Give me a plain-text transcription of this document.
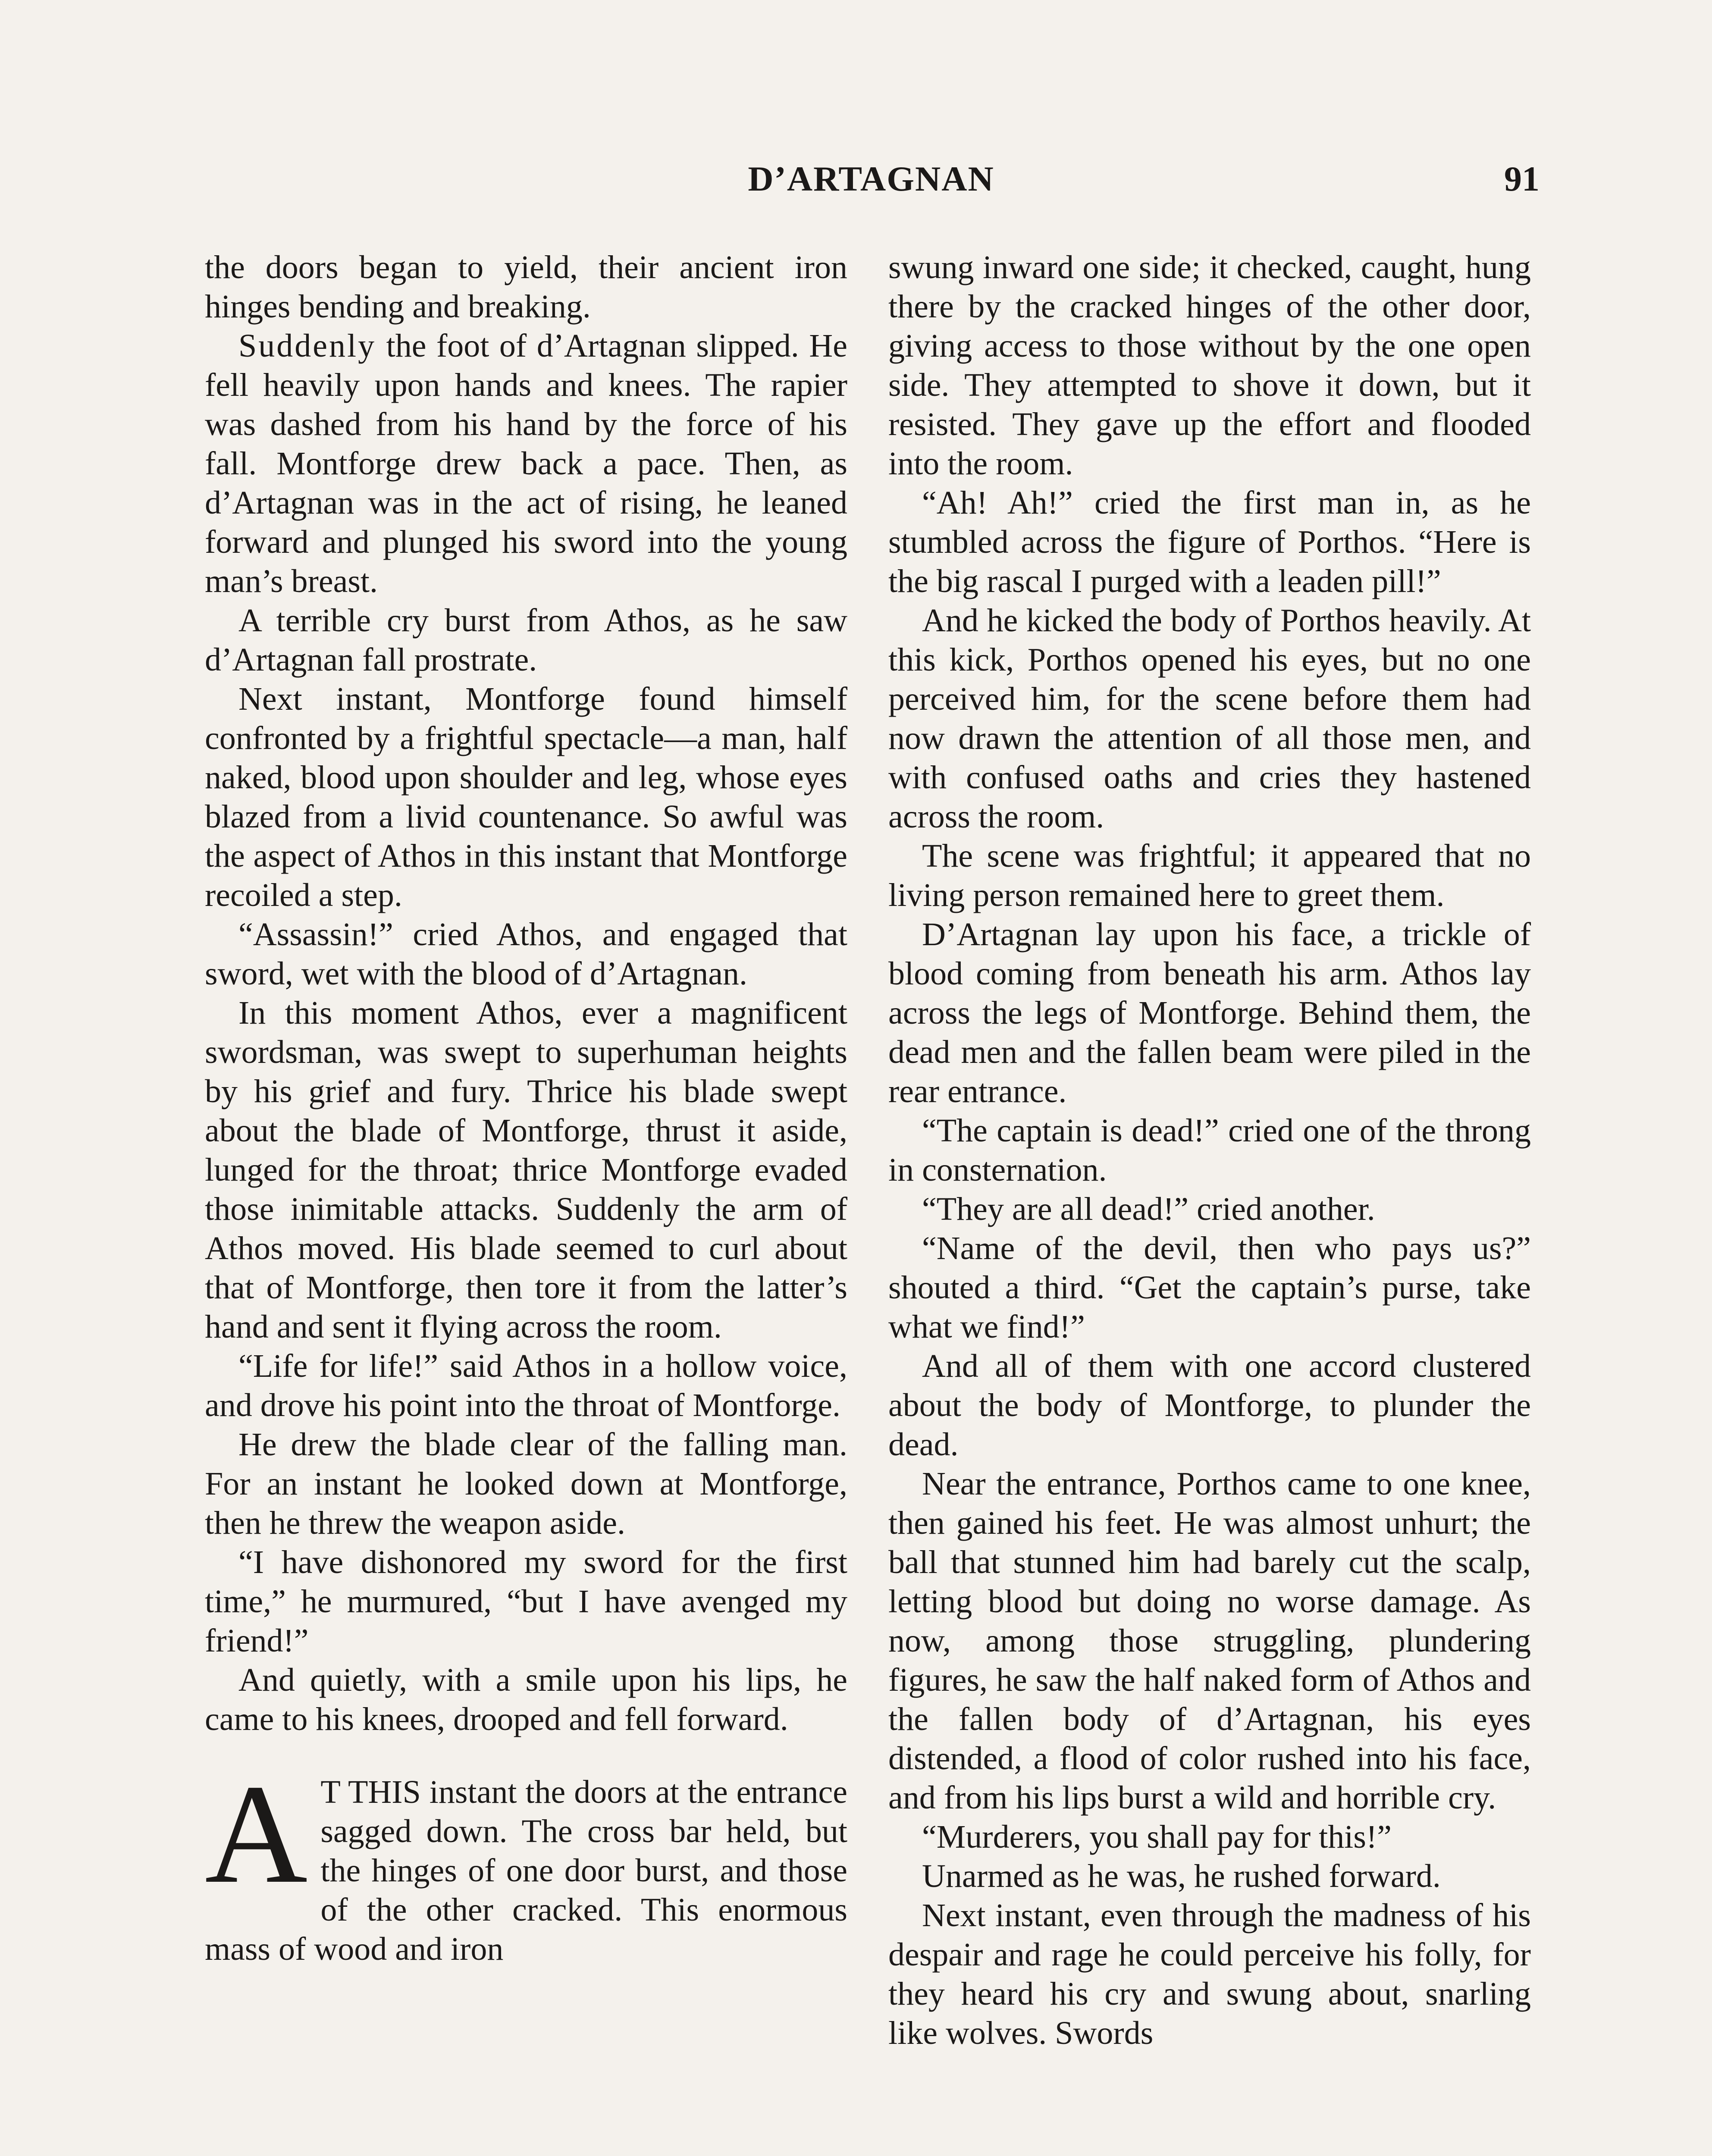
D’ARTAGNAN	91

the doors began to yield, their ancient iron hinges bending and breaking.

Suddenly the foot of d’Artagnan slipped. He fell heavily upon hands and knees. The rapier was dashed from his hand by the force of his fall. Montforge drew back a pace. Then, as d’Artagnan was in the act of rising, he leaned forward and plunged his sword into the young man’s breast.

A terrible cry burst from Athos, as he saw d’Artagnan fall prostrate.

Next instant, Montforge found himself confronted by a frightful spectacle—a man, half naked, blood upon shoulder and leg, whose eyes blazed from a livid countenance. So awful was the aspect of Athos in this instant that Montforge recoiled a step.

“Assassin!” cried Athos, and engaged that sword, wet with the blood of d’Artagnan.

In this moment Athos, ever a magnificent swordsman, was swept to superhuman heights by his grief and fury. Thrice his blade swept about the blade of Montforge, thrust it aside, lunged for the throat; thrice Montforge evaded those inimitable attacks. Suddenly the arm of Athos moved. His blade seemed to curl about that of Montforge, then tore it from the latter’s hand and sent it flying across the room.

“Life for life!” said Athos in a hollow voice, and drove his point into the throat of Montforge.

He drew the blade clear of the falling man. For an instant he looked down at Montforge, then he threw the weapon aside.

“I have dishonored my sword for the first time,” he murmured, “but I have avenged my friend!”

And quietly, with a smile upon his lips, he came to his knees, drooped and fell forward.

A T THIS instant the doors at the entrance sagged down. The cross bar held, but the hinges of one door burst, and those of the other cracked. This enormous mass of wood and iron

swung inward one side; it checked, caught, hung there by the cracked hinges of the other door, giving access to those without by the one open side. They attempted to shove it down, but it resisted. They gave up the effort and flooded into the room.

“Ah! Ah!” cried the first man in, as he stumbled across the figure of Porthos. “Here is the big rascal I purged with a leaden pill!”

And he kicked the body of Porthos heavily. At this kick, Porthos opened his eyes, but no one perceived him, for the scene before them had now drawn the attention of all those men, and with confused oaths and cries they hastened across the room.

The scene was frightful; it appeared that no living person remained here to greet them.

D’Artagnan lay upon his face, a trickle of blood coming from beneath his arm. Athos lay across the legs of Montforge. Behind them, the dead men and the fallen beam were piled in the rear entrance.

“The captain is dead!” cried one of the throng in consternation.

“They are all dead!” cried another.

“Name of the devil, then who pays us?” shouted a third. “Get the captain’s purse, take what we find!”

And all of them with one accord clustered about the body of Montforge, to plunder the dead.

Near the entrance, Porthos came to one knee, then gained his feet. He was almost unhurt; the ball that stunned him had barely cut the scalp, letting blood but doing no worse damage. As now, among those struggling, plundering figures, he saw the half naked form of Athos and the fallen body of d’Artagnan, his eyes distended, a flood of color rushed into his face, and from his lips burst a wild and horrible cry.

“Murderers, you shall pay for this!”

Unarmed as he was, he rushed forward.

Next instant, even through the madness of his despair and rage he could perceive his folly, for they heard his cry and swung about, snarling like wolves. Swords
